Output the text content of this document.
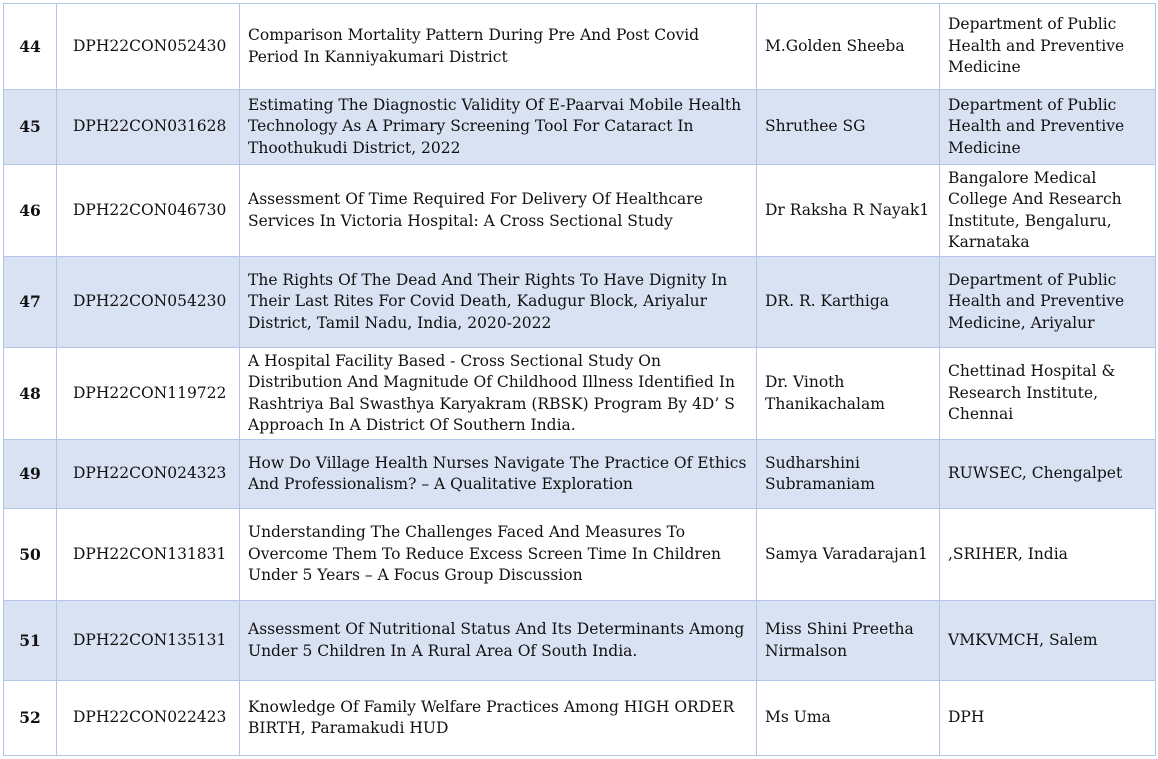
44	DPH22CON052430	Comparison Mortality Pattern During Pre And Post Covid Period In Kanniyakumari District	M.Golden Sheeba	Department of Public Health and Preventive Medicine
45	DPH22CON031628	Estimating The Diagnostic Validity Of E-Paarvai Mobile Health Technology As A Primary Screening Tool For Cataract In Thoothukudi District, 2022	Shruthee SG	Department of Public Health and Preventive Medicine
46	DPH22CON046730	Assessment Of Time Required For Delivery Of Healthcare Services In Victoria Hospital: A Cross Sectional Study	Dr Raksha R Nayak1	Bangalore Medical College And Research Institute, Bengaluru, Karnataka
47	DPH22CON054230	The Rights Of The Dead And Their Rights To Have Dignity In Their Last Rites For Covid Death, Kadugur Block, Ariyalur District, Tamil Nadu, India, 2020-2022	DR. R. Karthiga	Department of Public Health and Preventive Medicine, Ariyalur
48	DPH22CON119722	A Hospital Facility Based - Cross Sectional Study On Distribution And Magnitude Of Childhood Illness Identified In Rashtriya Bal Swasthya Karyakram (RBSK) Program By 4D’ S Approach In A District Of Southern India.	Dr. Vinoth Thanikachalam	Chettinad Hospital & Research Institute, Chennai
49	DPH22CON024323	How Do Village Health Nurses Navigate The Practice Of Ethics And Professionalism? – A Qualitative Exploration	Sudharshini Subramaniam	RUWSEC, Chengalpet
50	DPH22CON131831	Understanding The Challenges Faced And Measures To Overcome Them To Reduce Excess Screen Time In Children Under 5 Years – A Focus Group Discussion	Samya Varadarajan1	,SRIHER, India
51	DPH22CON135131	Assessment Of Nutritional Status And Its Determinants Among Under 5 Children In A Rural Area Of South India.	Miss Shini Preetha Nirmalson	VMKVMCH, Salem
52	DPH22CON022423	Knowledge Of Family Welfare Practices Among HIGH ORDER BIRTH, Paramakudi HUD	Ms Uma	DPH
